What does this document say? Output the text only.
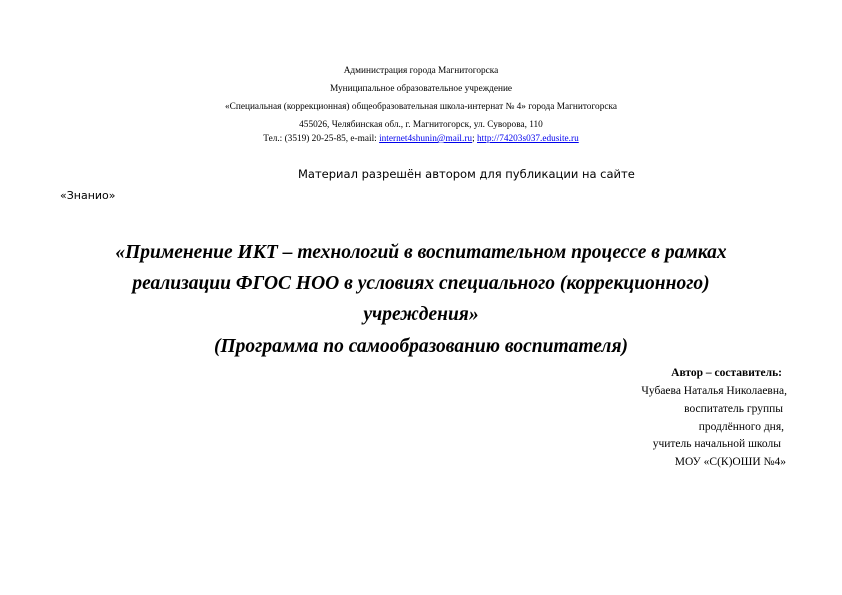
Администрация города Магнитогорска
Муниципальное образовательное учреждение
«Специальная (коррекционная) общеобразовательная школа-интернат № 4» города Магнитогорска
455026, Челябинская обл., г. Магнитогорск, ул. Суворова, 110
Тел.: (3519) 20-25-85, e-mail: internet4shunin@mail.ru; http://74203s037.edusite.ru
Материал разрешён автором для публикации на сайте
«Знанио»
«Применение ИКТ – технологий в воспитательном процессе в рамках
реализации ФГОС НОО в условиях специального (коррекционного)
учреждения»
(Программа по самообразованию воспитателя)
Автор – составитель:
Чубаева Наталья Николаевна,
воспитатель группы
продлённого дня,
учитель начальной школы
МОУ «С(К)ОШИ №4»
